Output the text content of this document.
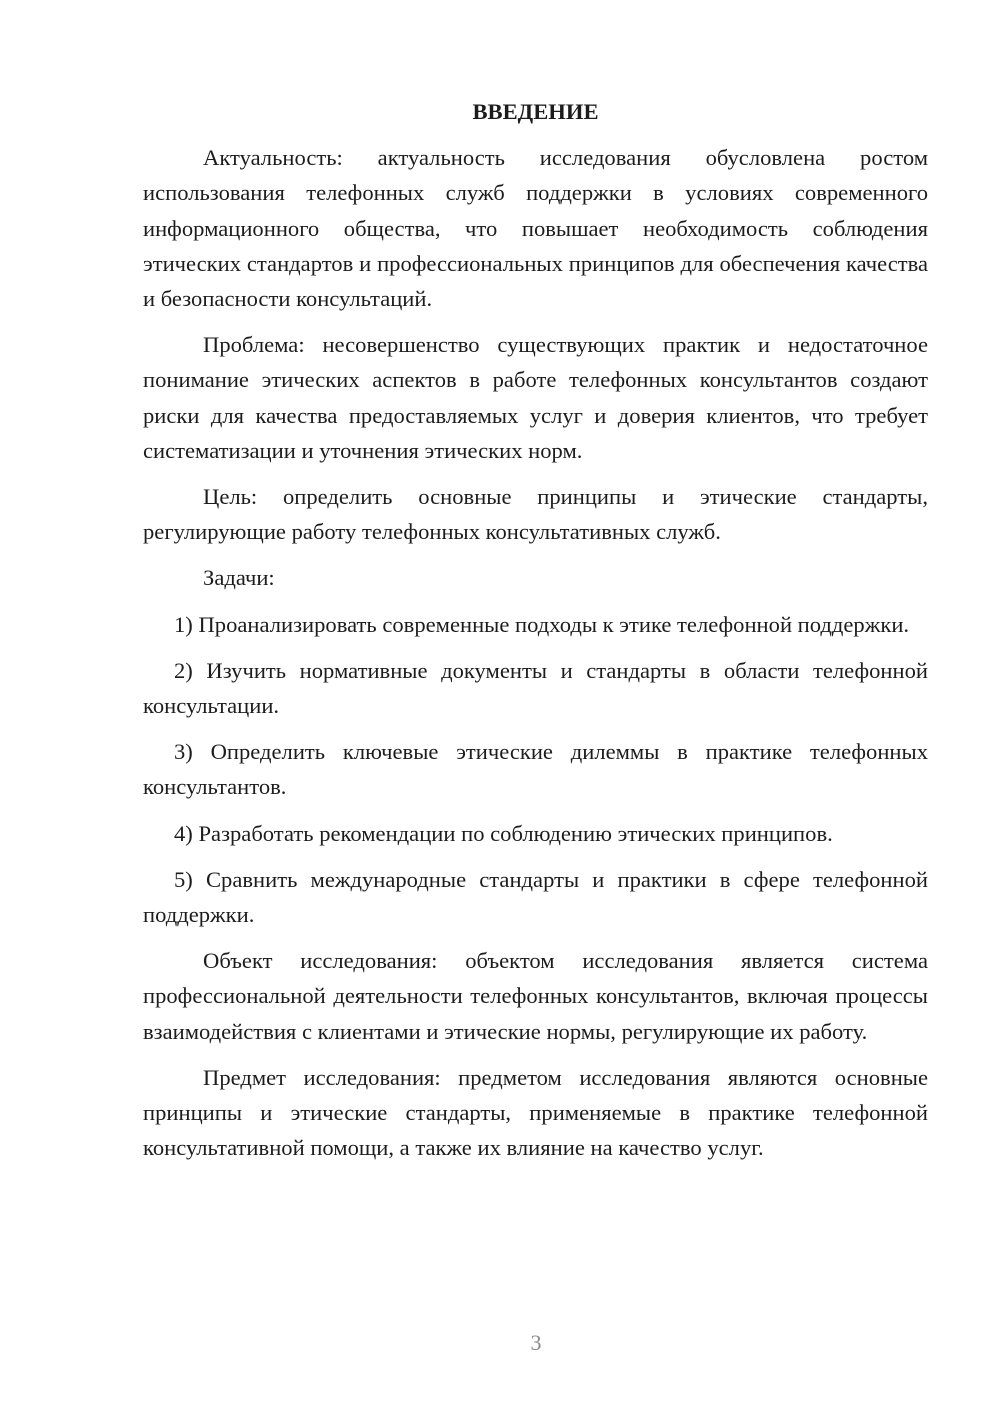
ВВЕДЕНИЕ

Актуальность: актуальность исследования обусловлена ростом использования телефонных служб поддержки в условиях современного информационного общества, что повышает необходимость соблюдения этических стандартов и профессиональных принципов для обеспечения качества и безопасности консультаций.

Проблема: несовершенство существующих практик и недостаточное понимание этических аспектов в работе телефонных консультантов создают риски для качества предоставляемых услуг и доверия клиентов, что требует систематизации и уточнения этических норм.

Цель: определить основные принципы и этические стандарты, регулирующие работу телефонных консультативных служб.

Задачи:

1) Проанализировать современные подходы к этике телефонной поддержки.

2) Изучить нормативные документы и стандарты в области телефонной консультации.

3) Определить ключевые этические дилеммы в практике телефонных консультантов.

4) Разработать рекомендации по соблюдению этических принципов.

5) Сравнить международные стандарты и практики в сфере телефонной поддержки.

Объект исследования: объектом исследования является система профессиональной деятельности телефонных консультантов, включая процессы взаимодействия с клиентами и этические нормы, регулирующие их работу.

Предмет исследования: предметом исследования являются основные принципы и этические стандарты, применяемые в практике телефонной консультативной помощи, а также их влияние на качество услуг.

3
